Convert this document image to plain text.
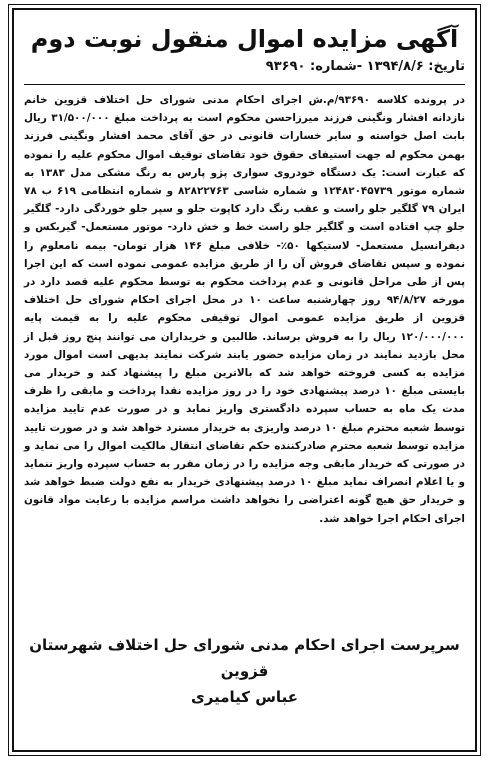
آگهی مزایده اموال منقول نوبت دوم
تاریخ: ۱۳۹۴/۸/۶ -شماره: ۹۳۶۹۰

در پرونده کلاسه ۹۳۶۹۰/م.ش اجرای احکام مدنی شورای حل اختلاف قزوین خانم نازدانه افشار ونگینی فرزند میرزاحسن محکوم است به پرداخت مبلغ ۳۱/۵۰۰/۰۰۰ ریال بابت اصل خواسته و سایر خسارات قانونی در حق آقای محمد افشار ونگینی فرزند بهمن محکوم له جهت استیفای حقوق خود تقاضای توقیف اموال محکوم علیه را نموده که عبارت است: یک دستگاه خودروی سواری پژو پارس به رنگ مشکی مدل ۱۳۸۳ به شماره موتور ۱۲۴۸۲۰۴۵۷۳۹ و شماره شاسی ۸۲۸۲۲۷۶۳ و شماره انتظامی ۶۱۹ ب ۷۸ ایران ۷۹ گلگیر جلو راست و عقب رنگ دارد کاپوت جلو و سپر جلو خوردگی دارد- گلگیر جلو چپ افتاده است و گلگیر جلو راست خط و خش دارد- موتور مستعمل- گیربکس و دیفرانسیل مستعمل- لاستیکها ۵۰٪- خلافی مبلغ ۱۴۶ هزار تومان- بیمه نامعلوم را نموده و سپس تقاضای فروش آن را از طریق مزایده عمومی نموده است که این اجرا پس از طی مراحل قانونی و عدم پرداخت محکوم به توسط محکوم علیه قصد دارد در مورخه ۹۴/۸/۲۷ روز چهارشنبه ساعت ۱۰ در محل اجرای احکام شورای حل اختلاف قزوین از طریق مزایده عمومی اموال توقیفی محکوم علیه را به قیمت پایه ۱۲۰/۰۰۰/۰۰۰ ریال را به فروش برساند. طالبین و خریداران می توانند پنج روز قبل از محل بازدید نمایند در زمان مزایده حضور یابند شرکت نمایند بدیهی است اموال مورد مزایده به کسی فروخته خواهد شد که بالاترین مبلغ را پیشنهاد کند و خریدار می بایستی مبلغ ۱۰ درصد پیشنهادی خود را در روز مزایده نقدا پرداخت و مابقی را ظرف مدت یک ماه به حساب سپرده دادگستری واریز نماید و در صورت عدم تایید مزایده توسط شعبه محترم مبلغ ۱۰ درصد واریزی به خریدار مسترد خواهد شد و در صورت تایید مزایده توسط شعبه محترم صادرکننده حکم تقاضای انتقال مالکیت اموال را می نماید و در صورتی که خریدار مابقی وجه مزایده را در زمان مقرر به حساب سپرده واریز ننماید و یا اعلام انصراف نماید مبلغ ۱۰ درصد پیشنهادی خریدار به نفع دولت ضبط خواهد شد و خریدار حق هیچ گونه اعتراضی را نخواهد داشت مراسم مزایده با رعایت مواد قانون اجرای احکام اجرا خواهد شد.

سرپرست اجرای احکام مدنی شورای حل اختلاف شهرستان قزوین
عباس کیامیری
